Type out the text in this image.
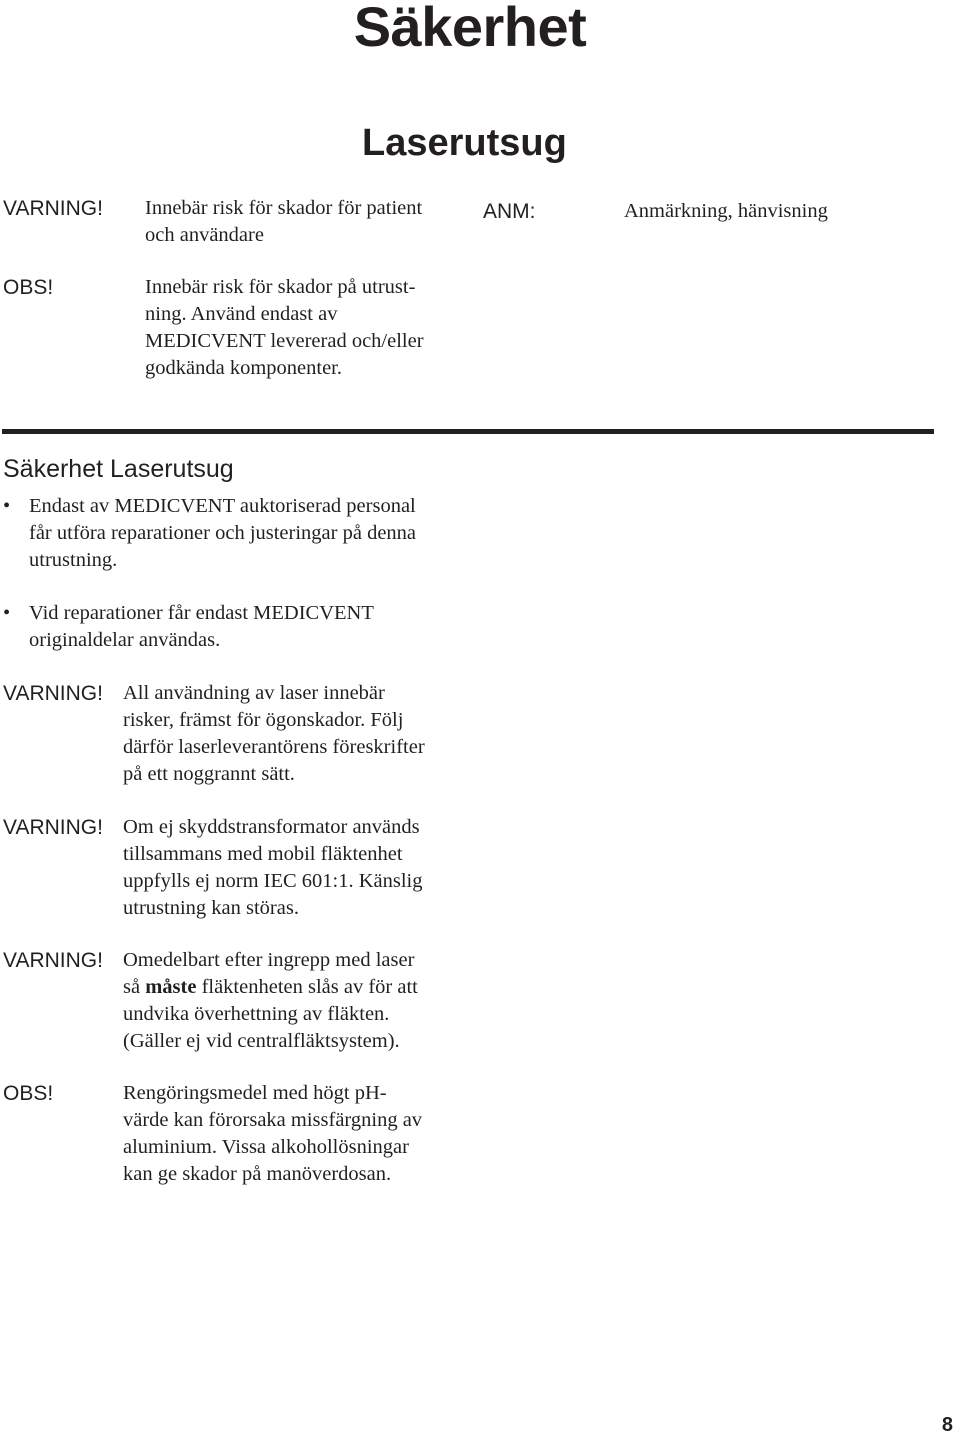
Säkerhet
Laserutsug
VARNING! Innebär risk för skador för patient
och användare
ANM:	Anmärkning, hänvisning
OBS!	Innebär risk för skador på utrust-
ning. Använd endast av
MEDICVENT levererad och/eller
godkända komponenter.
Säkerhet Laserutsug
• Endast av MEDICVENT auktoriserad personal
får utföra reparationer och justeringar på denna
utrustning.
• Vid reparationer får endast MEDICVENT
originaldelar användas.
VARNING! All användning av laser innebär
risker, främst för ögonskador. Följ
därför laserleverantörens föreskrifter
på ett noggrannt sätt.
VARNING! Om ej skyddstransformator används
tillsammans med mobil fläktenhet
uppfylls ej norm IEC 601:1. Känslig
utrustning kan störas.
VARNING! Omedelbart efter ingrepp med laser
så måste fläktenheten slås av för att
undvika överhettning av fläkten.
(Gäller ej vid centralfläktsystem).
OBS!	Rengöringsmedel med högt pH-
värde kan förorsaka missfärgning av
aluminium. Vissa alkohollösningar
kan ge skador på manöverdosan.
8
